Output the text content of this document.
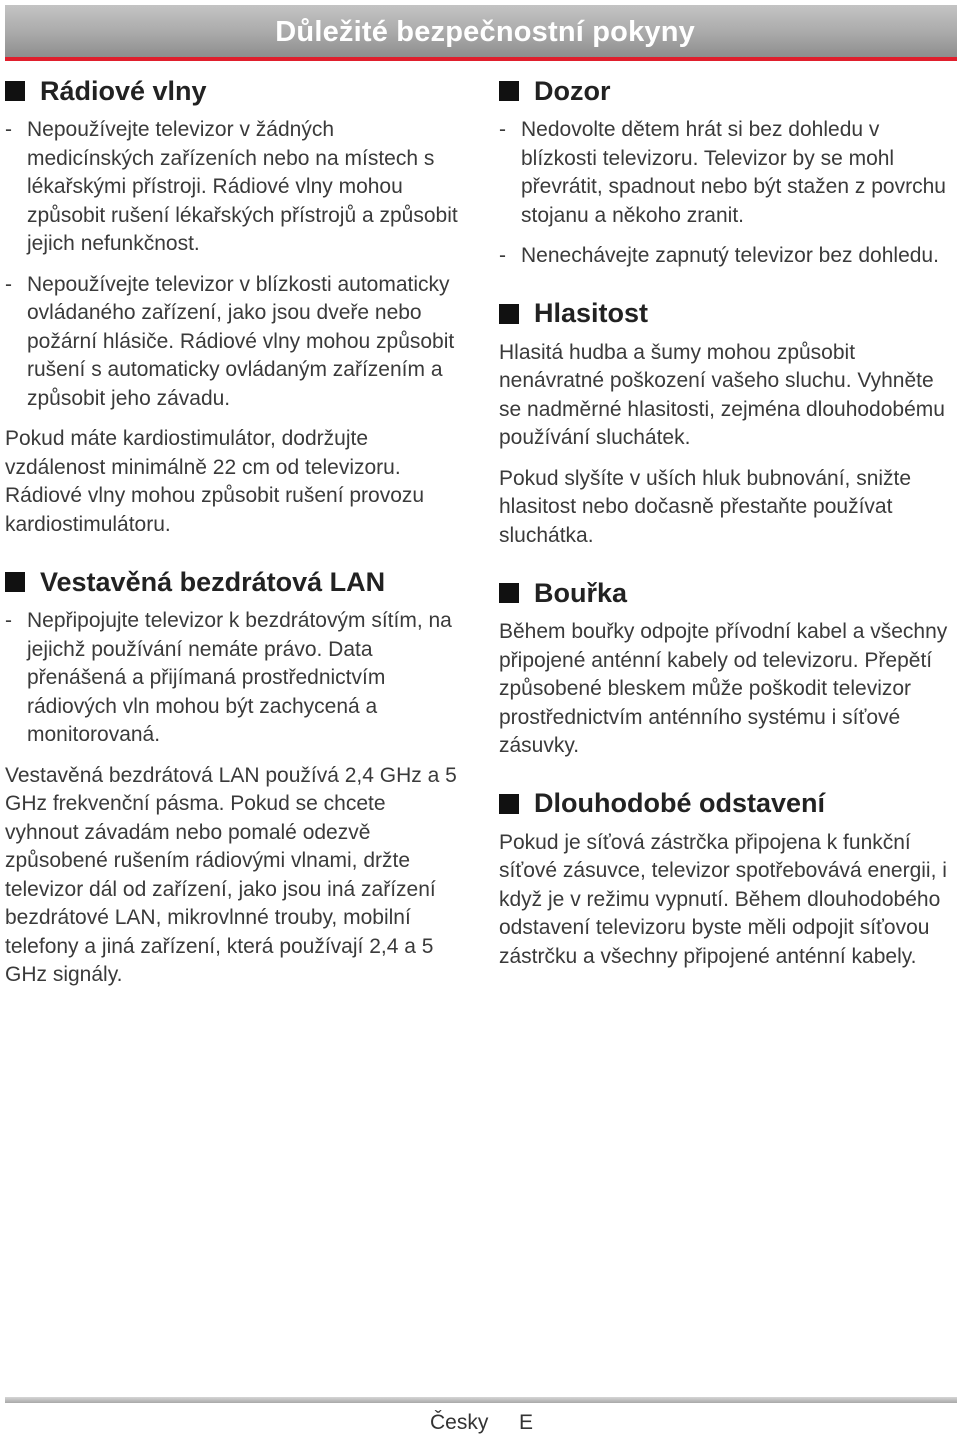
Důležité bezpečnostní pokyny
Rádiové vlny
- Nepoužívejte televizor v žádných medicínských zařízeních nebo na místech s lékařskými přístroji. Rádiové vlny mohou způsobit rušení lékařských přístrojů a způsobit jejich nefunkčnost.
- Nepoužívejte televizor v blízkosti automaticky ovládaného zařízení, jako jsou dveře nebo požární hlásiče. Rádiové vlny mohou způsobit rušení s automaticky ovládaným zařízením a způsobit jeho závadu.

Pokud máte kardiostimulátor, dodržujte vzdálenost minimálně 22 cm od televizoru. Rádiové vlny mohou způsobit rušení provozu kardiostimulátoru.

Vestavěná bezdrátová LAN
- Nepřipojujte televizor k bezdrátovým sítím, na jejichž používání nemáte právo. Data přenášená a přijímaná prostřednictvím rádiových vln mohou být zachycená a monitorovaná.

Vestavěná bezdrátová LAN používá 2,4 GHz a 5 GHz frekvenční pásma. Pokud se chcete vyhnout závadám nebo pomalé odezvě způsobené rušením rádiovými vlnami, držte televizor dál od zařízení, jako jsou iná zařízení bezdrátové LAN, mikrovlnné trouby, mobilní telefony a jiná zařízení, která používají 2,4 a 5 GHz signály.

Dozor
- Nedovolte dětem hrát si bez dohledu v blízkosti televizoru. Televizor by se mohl převrátit, spadnout nebo být stažen z povrchu stojanu a někoho zranit.
- Nenechávejte zapnutý televizor bez dohledu.
Hlasitost

Hlasitá hudba a šumy mohou způsobit nenávratné poškození vašeho sluchu. Vyhněte se nadměrné hlasitosti, zejména dlouhodobému používání sluchátek.

Pokud slyšíte v uších hluk bubnování, snižte hlasitost nebo dočasně přestaňte používat sluchátka.

Bouřka

Během bouřky odpojte přívodní kabel a všechny připojené anténní kabely od televizoru. Přepětí způsobené bleskem může poškodit televizor prostřednictvím anténního systému i síťové zásuvky.

Dlouhodobé odstavení

Pokud je síťová zástrčka připojena k funkční síťové zásuvce, televizor spotřebovává energii, i když je v režimu vypnutí. Během dlouhodobého odstavení televizoru byste měli odpojit síťovou zástrčku a všechny připojené anténní kabely.

Česky E
